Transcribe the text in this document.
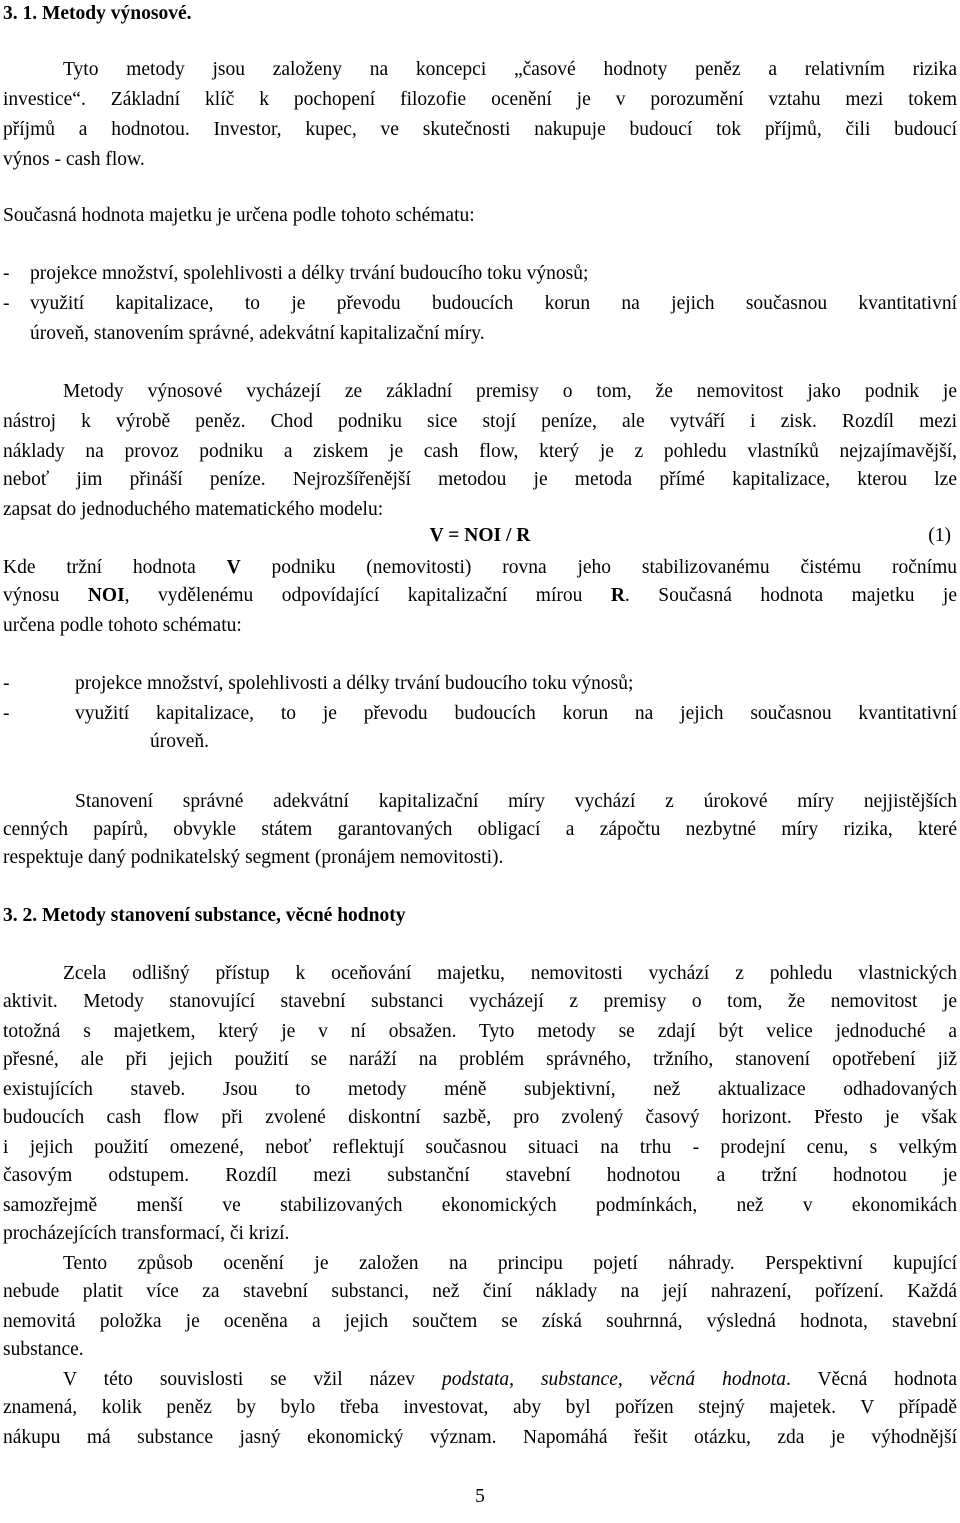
3. 1. Metody výnosové.
Tyto metody jsou založeny na koncepci „časové hodnoty peněz a relativním rizika
investice“. Základní klíč k pochopení filozofie ocenění je v porozumění vztahu mezi tokem
příjmů a hodnotou. Investor, kupec, ve skutečnosti nakupuje budoucí tok příjmů, čili budoucí
výnos - cash flow.
Současná hodnota majetku je určena podle tohoto schématu:
- projekce množství, spolehlivosti a délky trvání budoucího toku výnosů;
- využití kapitalizace, to je převodu budoucích korun na jejich současnou kvantitativní
úroveň, stanovením správné, adekvátní kapitalizační míry.
Metody výnosové vycházejí ze základní premisy o tom, že nemovitost jako podnik je
nástroj k výrobě peněz. Chod podniku sice stojí peníze, ale vytváří i zisk. Rozdíl mezi
náklady na provoz podniku a ziskem je cash flow, který je z pohledu vlastníků nejzajímavější,
neboť jim přináší peníze. Nejrozšířenější metodou je metoda přímé kapitalizace, kterou lze
zapsat do jednoduchého matematického modelu:
V = NOI / R	(1)
Kde tržní hodnota V podniku (nemovitosti) rovna jeho stabilizovanému čistému ročnímu
výnosu NOI, vydělenému odpovídající kapitalizační mírou R. Současná hodnota majetku je
určena podle tohoto schématu:
-	projekce množství, spolehlivosti a délky trvání budoucího toku výnosů;
-	využití kapitalizace, to je převodu budoucích korun na jejich současnou kvantitativní
úroveň.
Stanovení správné adekvátní kapitalizační míry vychází z úrokové míry nejjistějších
cenných papírů, obvykle státem garantovaných obligací a zápočtu nezbytné míry rizika, které
respektuje daný podnikatelský segment (pronájem nemovitosti).
3. 2. Metody stanovení substance, věcné hodnoty
Zcela odlišný přístup k oceňování majetku, nemovitosti vychází z pohledu vlastnických
aktivit. Metody stanovující stavební substanci vycházejí z premisy o tom, že nemovitost je
totožná s majetkem, který je v ní obsažen. Tyto metody se zdají být velice jednoduché a
přesné, ale při jejich použití se naráží na problém správného, tržního, stanovení opotřebení již
existujících staveb. Jsou to metody méně subjektivní, než aktualizace odhadovaných
budoucích cash flow při zvolené diskontní sazbě, pro zvolený časový horizont. Přesto je však
i jejich použití omezené, neboť reflektují současnou situaci na trhu - prodejní cenu, s velkým
časovým odstupem. Rozdíl mezi substanční stavební hodnotou a tržní hodnotou je
samozřejmě menší ve stabilizovaných ekonomických podmínkách, než v ekonomikách
procházejících transformací, či krizí.
Tento způsob ocenění je založen na principu pojetí náhrady. Perspektivní kupující
nebude platit více za stavební substanci, než činí náklady na její nahrazení, pořízení. Každá
nemovitá položka je oceněna a jejich součtem se získá souhrnná, výsledná hodnota, stavební
substance.
V této souvislosti se vžil název podstata, substance, věcná hodnota. Věcná hodnota
znamená, kolik peněz by bylo třeba investovat, aby byl pořízen stejný majetek. V případě
nákupu má substance jasný ekonomický význam. Napomáhá řešit otázku, zda je výhodnější
5
